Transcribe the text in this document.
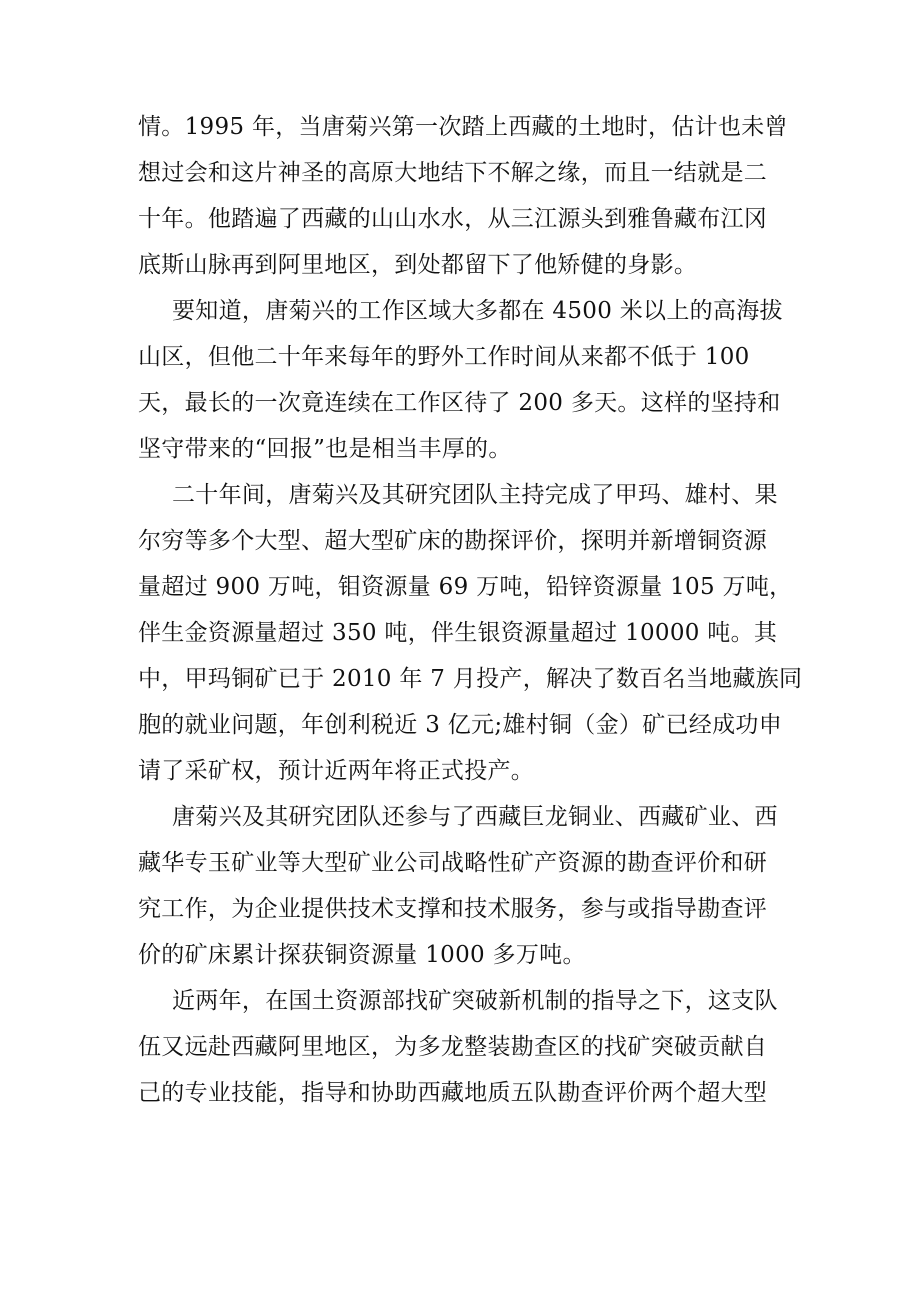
情。1995 年，当唐菊兴第一次踏上西藏的土地时，估计也未曾
想过会和这片神圣的高原大地结下不解之缘，而且一结就是二
十年。他踏遍了西藏的山山水水，从三江源头到雅鲁藏布江冈
底斯山脉再到阿里地区，到处都留下了他矫健的身影。

要知道，唐菊兴的工作区域大多都在 4500 米以上的高海拔
山区，但他二十年来每年的野外工作时间从来都不低于 100
天，最长的一次竟连续在工作区待了 200 多天。这样的坚持和
坚守带来的“回报”也是相当丰厚的。

二十年间，唐菊兴及其研究团队主持完成了甲玛、雄村、果
尔穷等多个大型、超大型矿床的勘探评价，探明并新增铜资源
量超过 900 万吨，钼资源量 69 万吨，铅锌资源量 105 万吨，
伴生金资源量超过 350 吨，伴生银资源量超过 10000 吨。其
中，甲玛铜矿已于 2010 年 7 月投产，解决了数百名当地藏族同
胞的就业问题，年创利税近 3 亿元;雄村铜（金）矿已经成功申
请了采矿权，预计近两年将正式投产。

唐菊兴及其研究团队还参与了西藏巨龙铜业、西藏矿业、西
藏华专玉矿业等大型矿业公司战略性矿产资源的勘查评价和研
究工作，为企业提供技术支撑和技术服务，参与或指导勘查评
价的矿床累计探获铜资源量 1000 多万吨。

近两年，在国土资源部找矿突破新机制的指导之下，这支队
伍又远赴西藏阿里地区，为多龙整装勘查区的找矿突破贡献自
己的专业技能，指导和协助西藏地质五队勘查评价两个超大型
